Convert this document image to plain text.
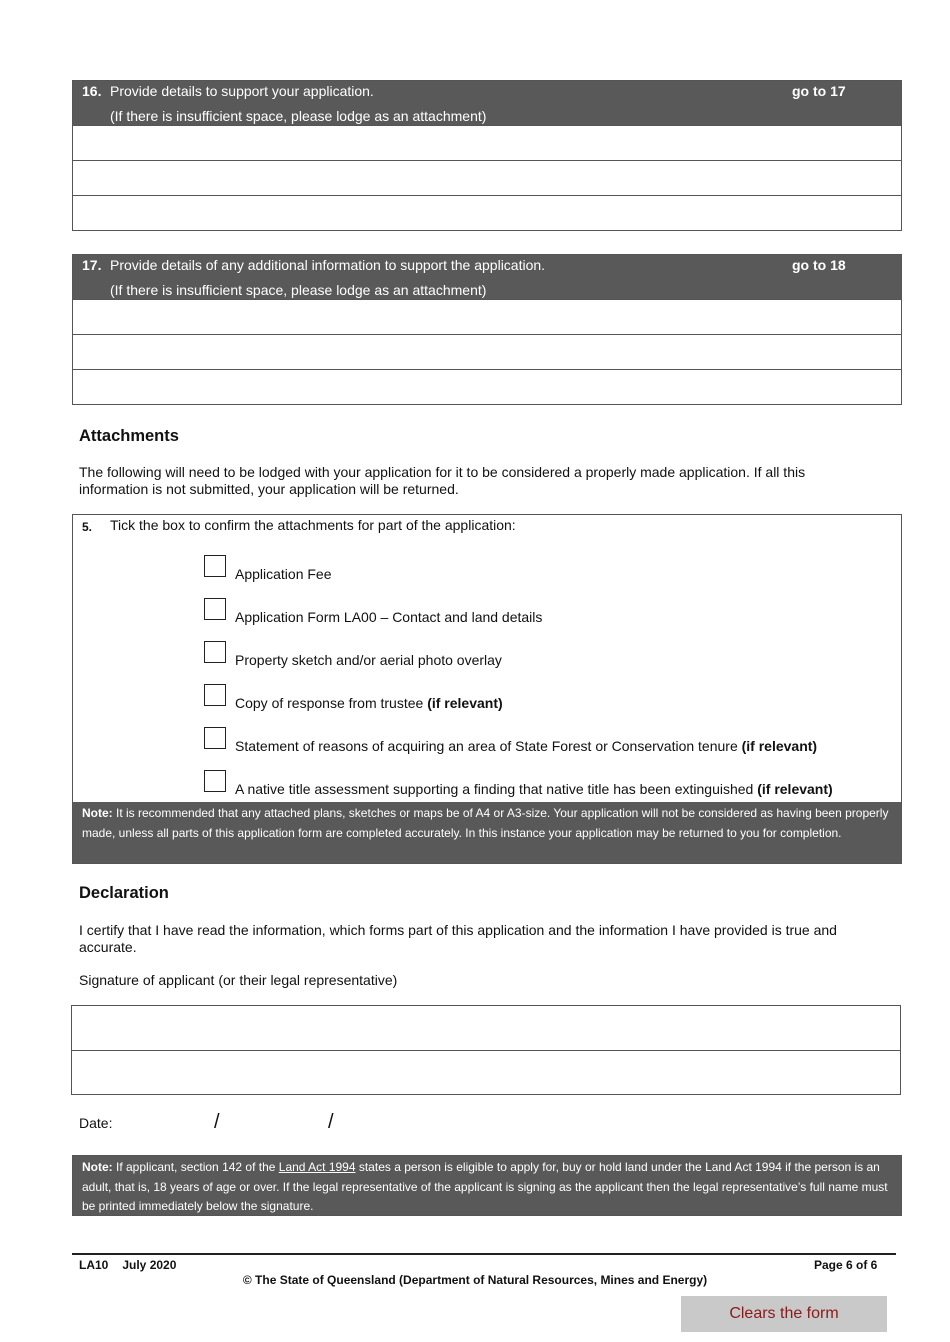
16. Provide details to support your application.	go to 17
(If there is insufficient space, please lodge as an attachment)
17. Provide details of any additional information to support the application.	go to 18
(If there is insufficient space, please lodge as an attachment)
Attachments
The following will need to be lodged with your application for it to be considered a properly made application. If all this information is not submitted, your application will be returned.
5. Tick the box to confirm the attachments for part of the application:
Application Fee
Application Form LA00 – Contact and land details
Property sketch and/or aerial photo overlay
Copy of response from trustee (if relevant)
Statement of reasons of acquiring an area of State Forest or Conservation tenure (if relevant)
A native title assessment supporting a finding that native title has been extinguished (if relevant)
Note: It is recommended that any attached plans, sketches or maps be of A4 or A3-size. Your application will not be considered as having been properly made, unless all parts of this application form are completed accurately. In this instance your application may be returned to you for completion.
Declaration
I certify that I have read the information, which forms part of this application and the information I have provided is true and accurate.
Signature of applicant (or their legal representative)
Date:	/	/
Note: If applicant, section 142 of the Land Act 1994 states a person is eligible to apply for, buy or hold land under the Land Act 1994 if the person is an adult, that is, 18 years of age or over. If the legal representative of the applicant is signing as the applicant then the legal representative’s full name must be printed immediately below the signature.
LA10 July 2020	Page 6 of 6
© The State of Queensland (Department of Natural Resources, Mines and Energy)
Clears the form
